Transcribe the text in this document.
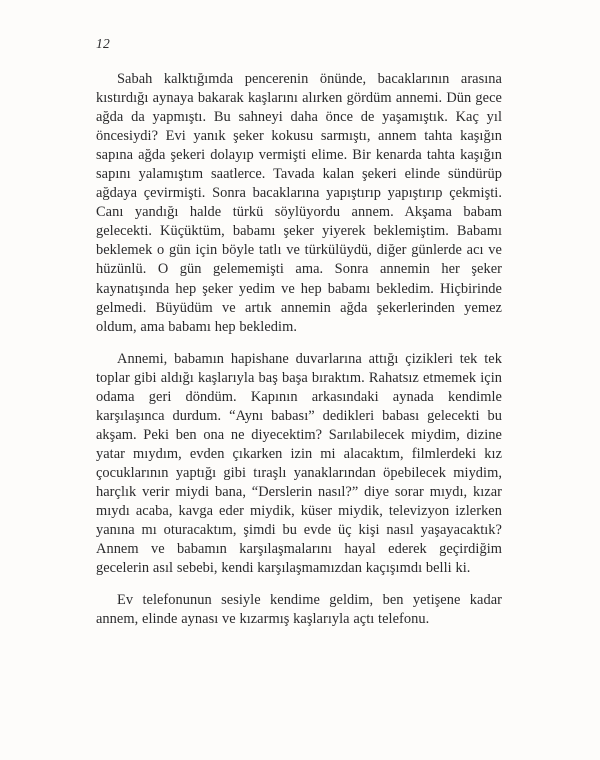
12

Sabah kalktığımda pencerenin önünde, bacaklarının arasına kıstırdığı aynaya bakarak kaşlarını alırken gördüm annemi. Dün gece ağda da yapmıştı. Bu sahneyi daha önce de yaşamıştık. Kaç yıl öncesiydi? Evi yanık şeker kokusu sarmıştı, annem tahta kaşığın sapına ağda şekeri dolayıp vermişti elime. Bir kenarda tahta kaşığın sapını yalamıştım saatlerce. Tavada kalan şekeri elinde sündürüp ağdaya çevirmişti. Sonra bacaklarına yapıştırıp yapıştırıp çekmişti. Canı yandığı halde türkü söylüyordu annem. Akşama babam gelecekti. Küçüktüm, babamı şeker yiyerek beklemiştim. Babamı beklemek o gün için böyle tatlı ve türkülüydü, diğer günlerde acı ve hüzünlü. O gün gelememişti ama. Sonra annemin her şeker kaynatışında hep şeker yedim ve hep babamı bekledim. Hiçbirinde gelmedi. Büyüdüm ve artık annemin ağda şekerlerinden yemez oldum, ama babamı hep bekledim.

Annemi, babamın hapishane duvarlarına attığı çizikleri tek tek toplar gibi aldığı kaşlarıyla baş başa bıraktım. Rahatsız etmemek için odama geri döndüm. Kapının arkasındaki aynada kendimle karşılaşınca durdum. “Aynı babası” dedikleri babası gelecekti bu akşam. Peki ben ona ne diyecektim? Sarılabilecek miydim, dizine yatar mıydım, evden çıkarken izin mi alacaktım, filmlerdeki kız çocuklarının yaptığı gibi tıraşlı yanaklarından öpebilecek miydim, harçlık verir miydi bana, “Derslerin nasıl?” diye sorar mıydı, kızar mıydı acaba, kavga eder miydik, küser miydik, televizyon izlerken yanına mı oturacaktım, şimdi bu evde üç kişi nasıl yaşayacaktık? Annem ve babamın karşılaşmalarını hayal ederek geçirdiğim gecelerin asıl sebebi, kendi karşılaşmamızdan kaçışımdı belli ki.

Ev telefonunun sesiyle kendime geldim, ben yetişene kadar annem, elinde aynası ve kızarmış kaşlarıyla açtı telefonu.
